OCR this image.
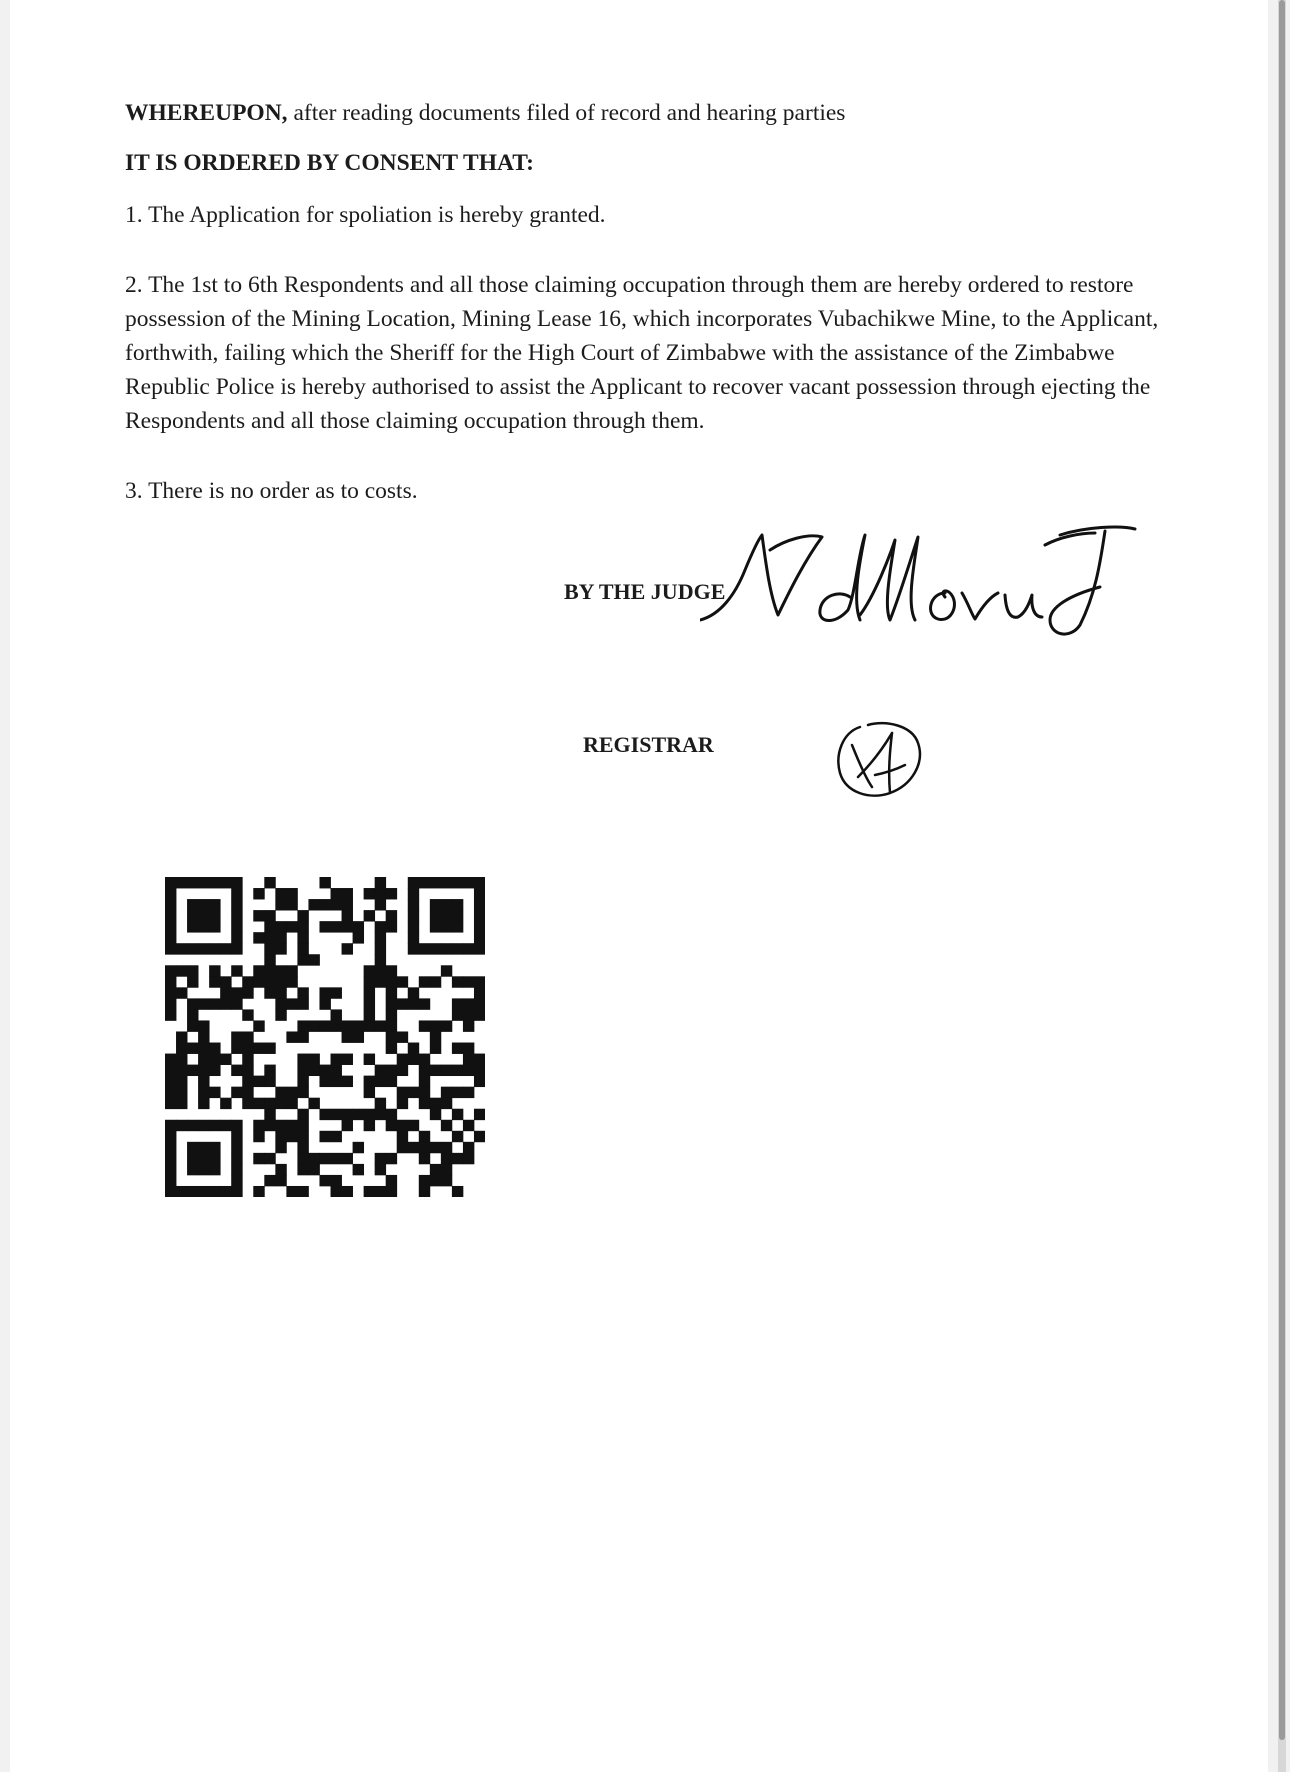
WHEREUPON, after reading documents filed of record and hearing parties
IT IS ORDERED BY CONSENT THAT:
1. The Application for spoliation is hereby granted.
2. The 1st to 6th Respondents and all those claiming occupation through them are hereby ordered to restore possession of the Mining Location, Mining Lease 16, which incorporates Vubachikwe Mine, to the Applicant, forthwith, failing which the Sheriff for the High Court of Zimbabwe with the assistance of the Zimbabwe Republic Police is hereby authorised to assist the Applicant to recover vacant possession through ejecting the Respondents and all those claiming occupation through them.
3. There is no order as to costs.
BY THE JUDGE
REGISTRAR
